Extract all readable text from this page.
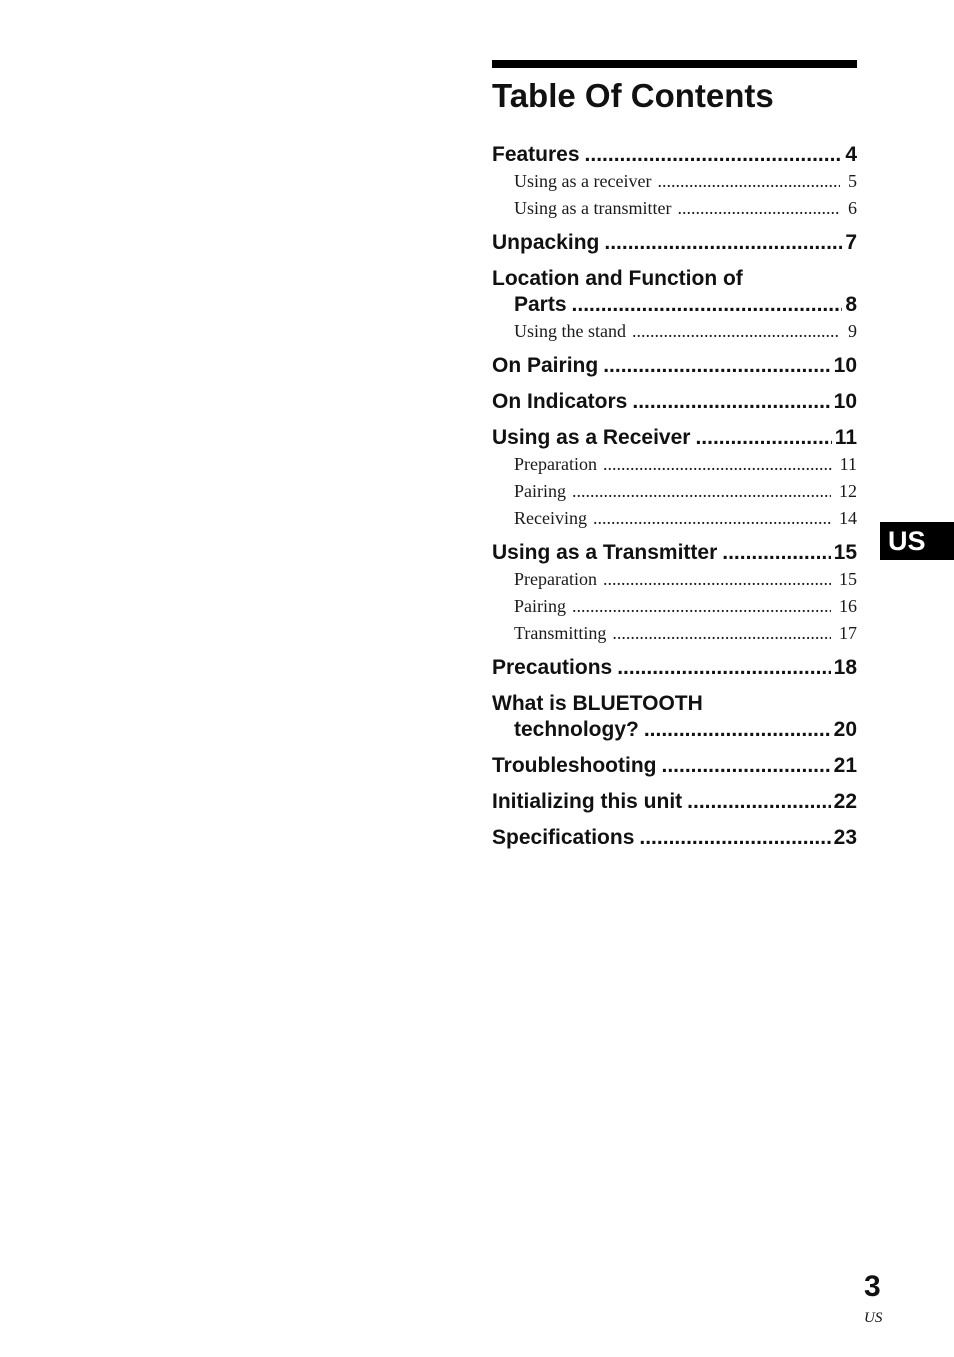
Table Of Contents
Features .....	4
Using as a receiver .....	5
Using as a transmitter .....	6
Unpacking .....	7
Location and Function of
Parts .....	8
Using the stand .....	9
On Pairing .....	10
On Indicators .....	10
Using as a Receiver .....	11
Preparation .....	11
Pairing .....	12
Receiving .....	14
Using as a Transmitter .....	15
Preparation .....	15
Pairing .....	16
Transmitting .....	17
Precautions .....	18
What is BLUETOOTH
technology? .....	20
Troubleshooting .....	21
Initializing this unit .....	22
Specifications .....	23
US
3
US
